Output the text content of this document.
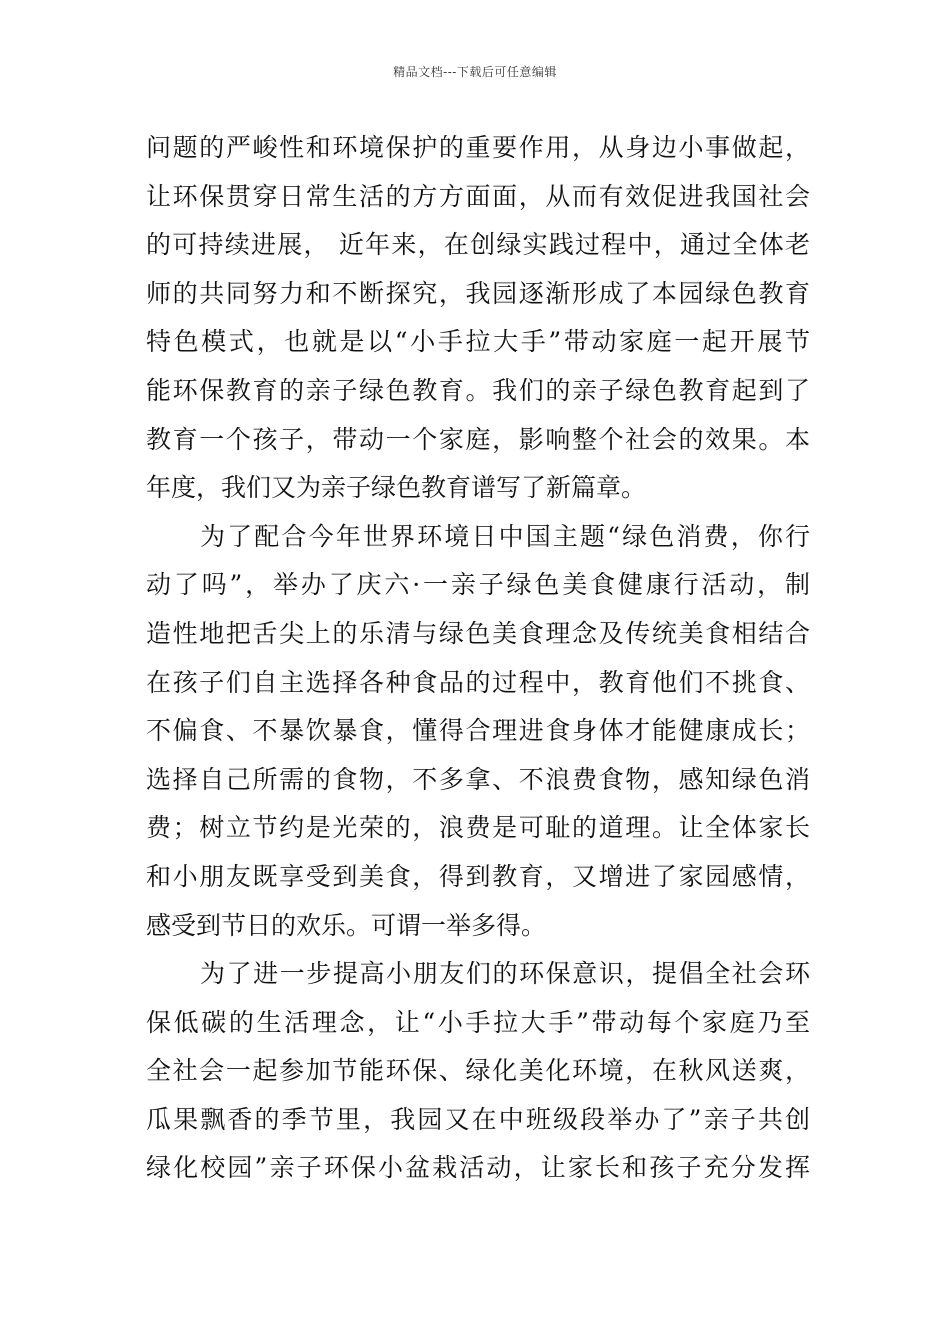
精品文档---下载后可任意编辑
问题的严峻性和环境保护的重要作用，从身边小事做起，
让环保贯穿日常生活的方方面面，从而有效促进我国社会
的可持续进展， 近年来，在创绿实践过程中，通过全体老
师的共同努力和不断探究，我园逐渐形成了本园绿色教育
特色模式，也就是以“小手拉大手”带动家庭一起开展节
能环保教育的亲子绿色教育。我们的亲子绿色教育起到了
教育一个孩子，带动一个家庭，影响整个社会的效果。本
年度，我们又为亲子绿色教育谱写了新篇章。
为了配合今年世界环境日中国主题“绿色消费，你行
动了吗”，举办了庆六·一亲子绿色美食健康行活动，制
造性地把舌尖上的乐清与绿色美食理念及传统美食相结合
在孩子们自主选择各种食品的过程中，教育他们不挑食、
不偏食、不暴饮暴食，懂得合理进食身体才能健康成长；
选择自己所需的食物，不多拿、不浪费食物，感知绿色消
费；树立节约是光荣的，浪费是可耻的道理。让全体家长
和小朋友既享受到美食，得到教育，又增进了家园感情，
感受到节日的欢乐。可谓一举多得。
为了进一步提高小朋友们的环保意识，提倡全社会环
保低碳的生活理念，让“小手拉大手”带动每个家庭乃至
全社会一起参加节能环保、绿化美化环境，在秋风送爽，
瓜果飘香的季节里，我园又在中班级段举办了”亲子共创
绿化校园”亲子环保小盆栽活动，让家长和孩子充分发挥
